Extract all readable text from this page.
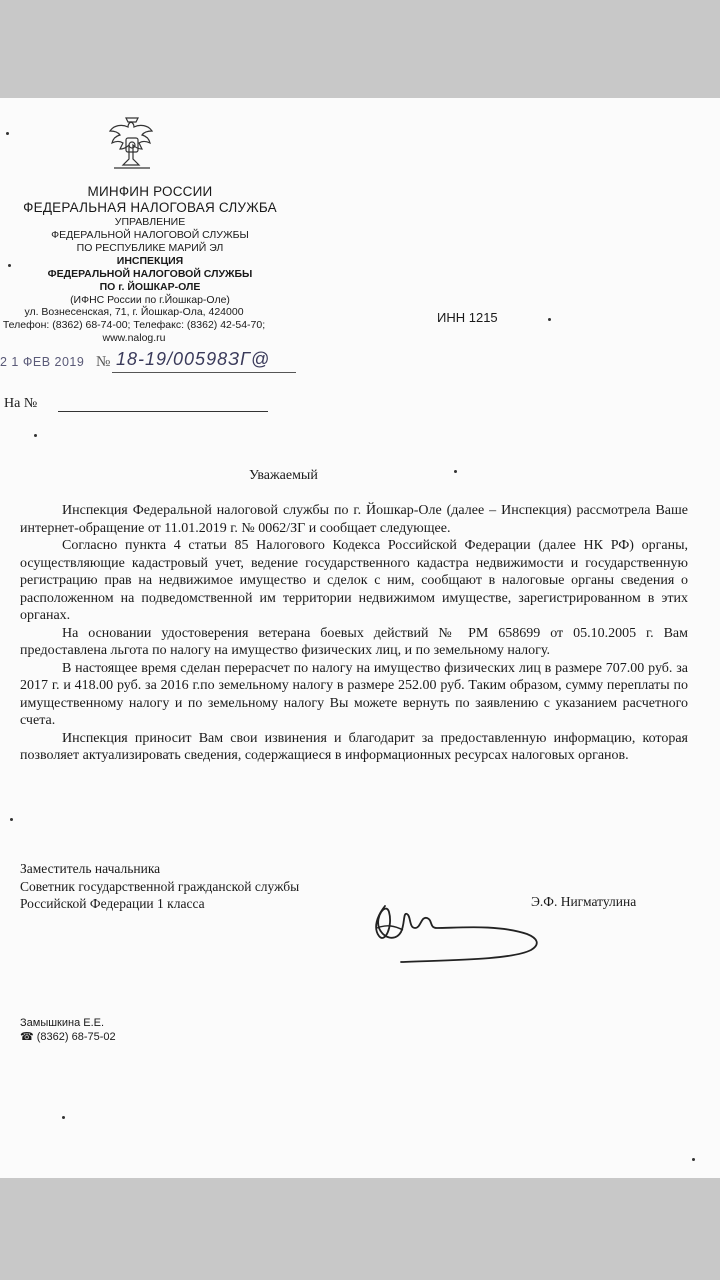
МИНФИН РОССИИ
ФЕДЕРАЛЬНАЯ НАЛОГОВАЯ СЛУЖБА
УПРАВЛЕНИЕ
ФЕДЕРАЛЬНОЙ НАЛОГОВОЙ СЛУЖБЫ
ПО РЕСПУБЛИКЕ МАРИЙ ЭЛ
ИНСПЕКЦИЯ
ФЕДЕРАЛЬНОЙ НАЛОГОВОЙ СЛУЖБЫ
ПО г. ЙОШКАР-ОЛЕ
(ИФНС России по г.Йошкар-Оле)
ул. Вознесенская, 71, г. Йошкар-Ола, 424000
Телефон: (8362) 68-74-00; Телефакс: (8362) 42-54-70;
www.nalog.ru
ИНН 1215
2 1 ФЕВ 2019 № 18-19/00598ЗГ@
На №
Уважаемый

Инспекция Федеральной налоговой службы по г. Йошкар-Оле (далее – Инспекция) рассмотрела Ваше интернет-обращение от 11.01.2019 г. № 0062/ЗГ и сообщает следующее.

Согласно пункта 4 статьи 85 Налогового Кодекса Российской Федерации (далее НК РФ) органы, осуществляющие кадастровый учет, ведение государственного кадастра недвижимости и государственную регистрацию прав на недвижимое имущество и сделок с ним, сообщают в налоговые органы сведения о расположенном на подведомственной им территории недвижимом имуществе, зарегистрированном в этих органах.

На основании удостоверения ветерана боевых действий № РМ 658699 от 05.10.2005 г. Вам предоставлена льгота по налогу на имущество физических лиц, и по земельному налогу.

В настоящее время сделан перерасчет по налогу на имущество физических лиц в размере 707.00 руб. за 2017 г. и 418.00 руб. за 2016 г.по земельному налогу в размере 252.00 руб. Таким образом, сумму переплаты по имущественному налогу и по земельному налогу Вы можете вернуть по заявлению с указанием расчетного счета.

Инспекция приносит Вам свои извинения и благодарит за предоставленную информацию, которая позволяет актуализировать сведения, содержащиеся в информационных ресурсах налоговых органов.

Заместитель начальника
Советник государственной гражданской службы
Российской Федерации 1 класса	Э.Ф. Нигматулина
Замышкина Е.Е.
☎ (8362) 68-75-02
